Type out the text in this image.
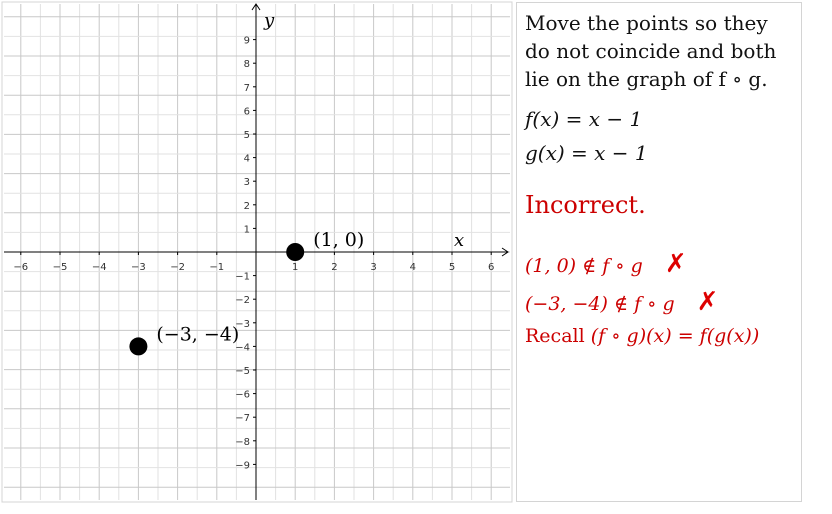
x
y
−6 −5 −4 −3 −2 −1	1	2	3	4	5	6
9
8
7
6
5
4
3
2
1
−1
−2
−3
−4
−5
−6
−7
−8
−9
(1, 0)
(−3, −4)
Move the points so they do not coincide and both lie on the graph of f ∘ g.
f(x) = x − 1
g(x) = x − 1
Incorrect.
(1, 0) ∉ f ∘ g ✗
(−3, −4) ∉ f ∘ g ✗
Recall (f ∘ g)(x) = f(g(x))
